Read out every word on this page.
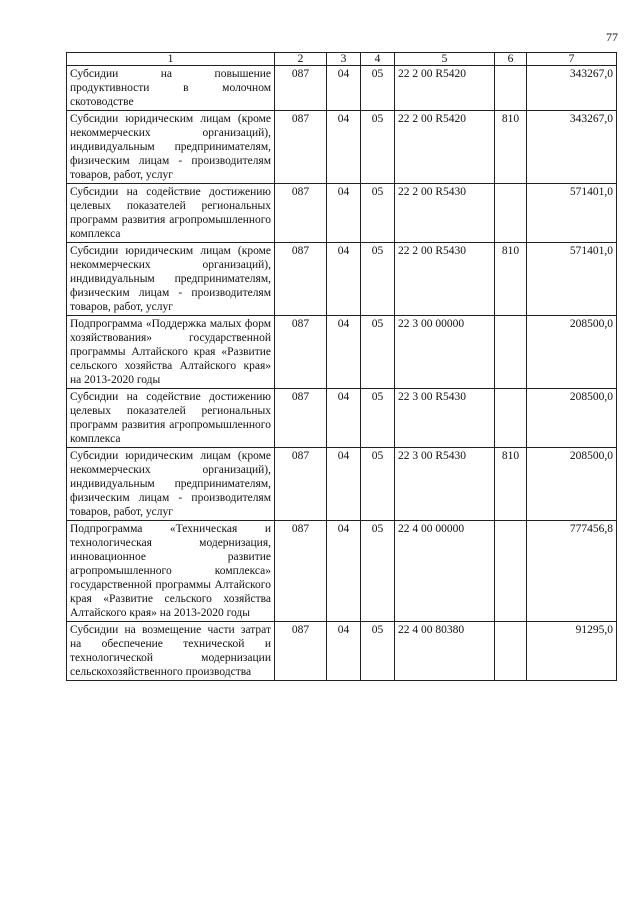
77
1	2	3	4	5	6	7
Субсидии на повышение продуктивности в молочном скотоводстве	087	04	05	22 2 00 R5420		343267,0
Субсидии юридическим лицам (кроме некоммерческих организаций), индивидуальным предпринимателям, физическим лицам - производителям товаров, работ, услуг	087	04	05	22 2 00 R5420	810	343267,0
Субсидии на содействие достижению целевых показателей региональных программ развития агропромышленного комплекса	087	04	05	22 2 00 R5430		571401,0
Субсидии юридическим лицам (кроме некоммерческих организаций), индивидуальным предпринимателям, физическим лицам - производителям товаров, работ, услуг	087	04	05	22 2 00 R5430	810	571401,0
Подпрограмма «Поддержка малых форм хозяйствования» государственной программы Алтайского края «Развитие сельского хозяйства Алтайского края» на 2013-2020 годы	087	04	05	22 3 00 00000		208500,0
Субсидии на содействие достижению целевых показателей региональных программ развития агропромышленного комплекса	087	04	05	22 3 00 R5430		208500,0
Субсидии юридическим лицам (кроме некоммерческих организаций), индивидуальным предпринимателям, физическим лицам - производителям товаров, работ, услуг	087	04	05	22 3 00 R5430	810	208500,0
Подпрограмма «Техническая и технологическая модернизация, инновационное развитие агропромышленного комплекса» государственной программы Алтайского края «Развитие сельского хозяйства Алтайского края» на 2013-2020 годы	087	04	05	22 4 00 00000		777456,8
Субсидии на возмещение части затрат на обеспечение технической и технологической модернизации сельскохозяйственного производства	087	04	05	22 4 00 80380		91295,0
